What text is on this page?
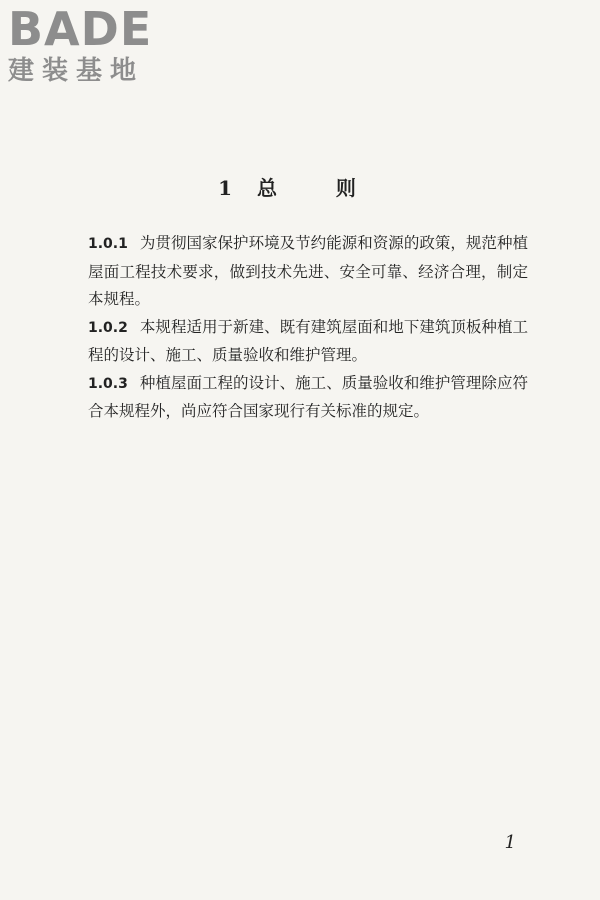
BADE
建装基地
1 总 则

1.0.1 为贯彻国家保护环境及节约能源和资源的政策，规范种植屋面工程技术要求，做到技术先进、安全可靠、经济合理，制定本规程。

1.0.2 本规程适用于新建、既有建筑屋面和地下建筑顶板种植工程的设计、施工、质量验收和维护管理。

1.0.3 种植屋面工程的设计、施工、质量验收和维护管理除应符合本规程外，尚应符合国家现行有关标准的规定。

1
